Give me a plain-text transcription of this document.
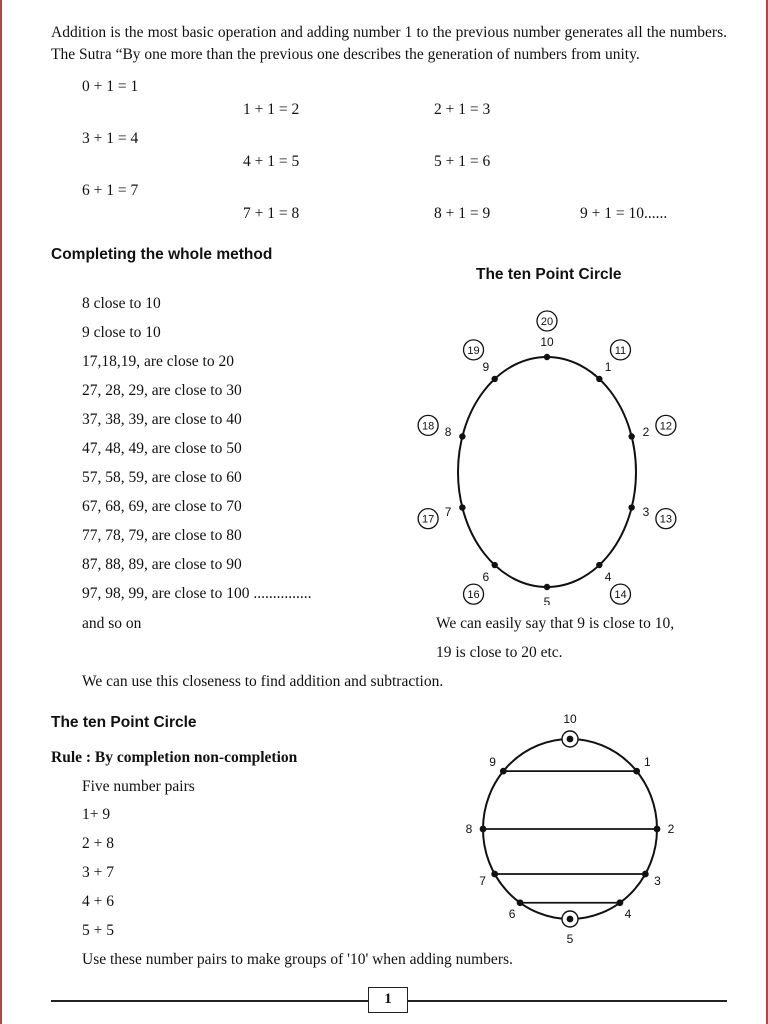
Addition is the most basic operation and adding number 1 to the previous number generates all the numbers. The Sutra “By one more than the previous one describes the generation of numbers from unity.
0 + 1 = 1
1 + 1 = 2	2 + 1 = 3
3 + 1 = 4
4 + 1 = 5	5 + 1 = 6
6 + 1 = 7
7 + 1 = 8	8 + 1 = 9	9 + 1 = 10......
Completing the whole method
8 close to 10
9 close to 10
17,18,19, are close to 20
27, 28, 29, are close to 30
37, 38, 39, are close to 40
47, 48, 49, are close to 50
57, 58, 59, are close to 60
67, 68, 69, are close to 70
77, 78, 79, are close to 80
87, 88, 89, are close to 90
97, 98, 99, are close to 100 ...............
and so on
The ten Point Circle
1
11
2 12
3
13
4
14
5
6
16
7
17
8
18
9
19
10
20
We can easily say that 9 is close to 10,
19 is close to 20 etc.
We can use this closeness to find addition and subtraction.
The ten Point Circle
Rule : By completion non-completion
Five number pairs
1+ 9
2 + 8
3 + 7
4 + 6
5 + 5
Use these number pairs to make groups of '10' when adding numbers.
10
9	1
8	2
7	3
6	4
5
1
